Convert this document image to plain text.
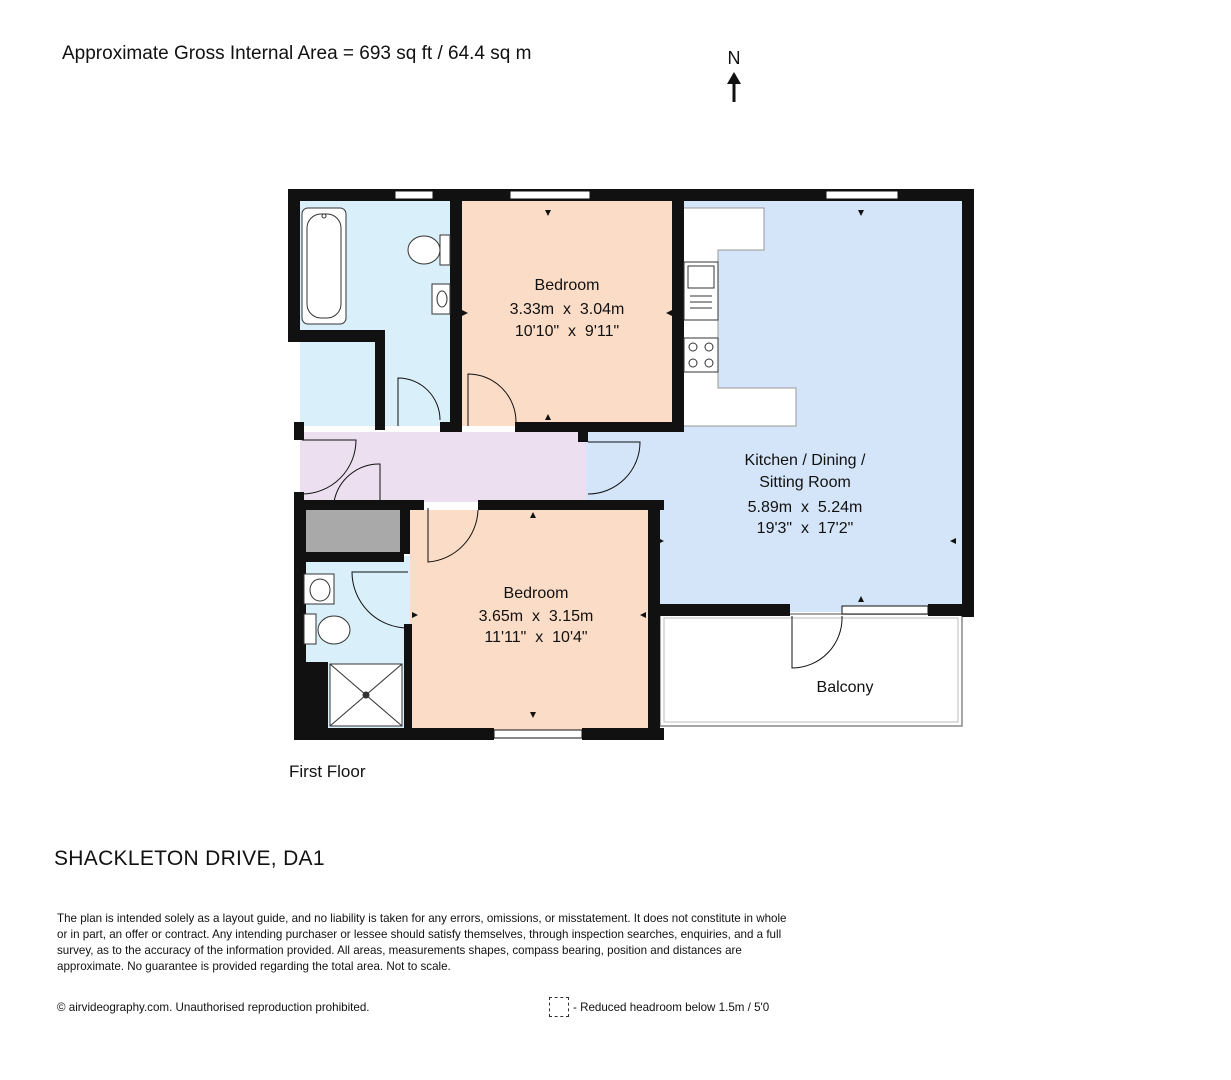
Approximate Gross Internal Area = 693 sq ft / 64.4 sq m	N
Bedroom
3.33m  x  3.04m
10'10"  x  9'11"
Kitchen / Dining /
Sitting Room
5.89m  x  5.24m
19'3"  x  17'2"
Bedroom
3.65m  x  3.15m
11'11"  x  10'4"
Balcony
First Floor
SHACKLETON DRIVE, DA1
The plan is intended solely as a layout guide, and no liability is taken for any errors, omissions, or misstatement. It does not constitute in whole or in part, an offer or contract. Any intending purchaser or lessee should satisfy themselves, through inspection searches, enquiries, and a full survey, as to the accuracy of the information provided. All areas, measurements shapes, compass bearing, position and distances are approximate. No guarantee is provided regarding the total area. Not to scale.
© airvideography.com. Unauthorised reproduction prohibited.	- Reduced headroom below 1.5m / 5'0
